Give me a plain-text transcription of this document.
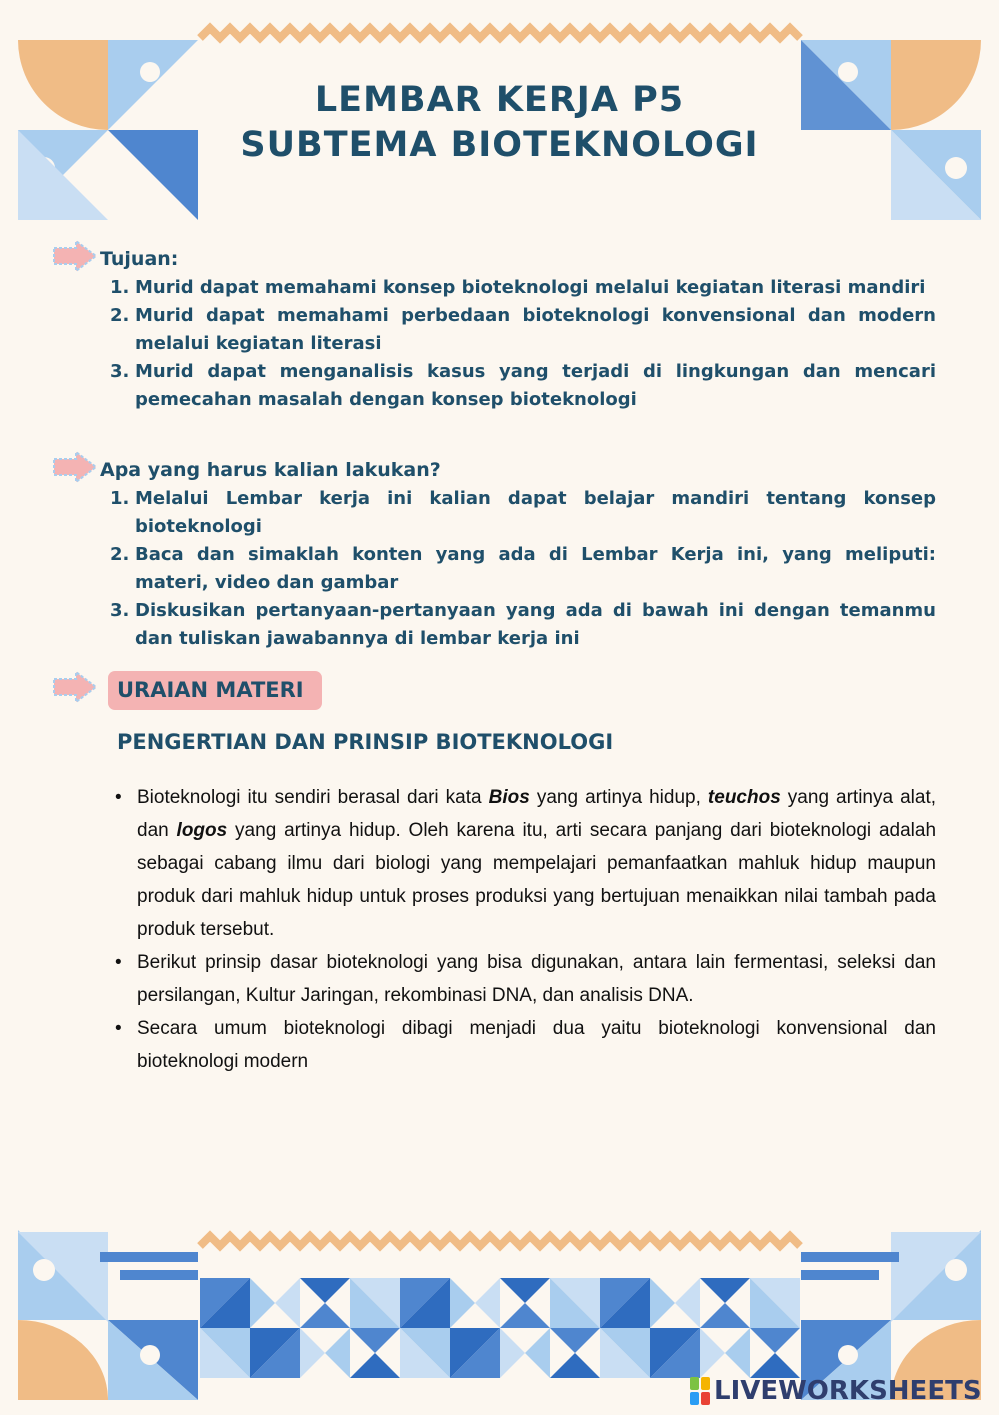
LEMBAR KERJA P5
SUBTEMA BIOTEKNOLOGI
Tujuan:
1. Murid dapat memahami konsep bioteknologi melalui kegiatan literasi mandiri
2. Murid dapat memahami perbedaan bioteknologi konvensional dan modern melalui kegiatan literasi
3. Murid dapat menganalisis kasus yang terjadi di lingkungan dan mencari pemecahan masalah dengan konsep bioteknologi
Apa yang harus kalian lakukan?
1. Melalui Lembar kerja ini kalian dapat belajar mandiri tentang konsep bioteknologi
2. Baca dan simaklah konten yang ada di Lembar Kerja ini, yang meliputi: materi, video dan gambar
3. Diskusikan pertanyaan-pertanyaan yang ada di bawah ini dengan temanmu dan tuliskan jawabannya di lembar kerja ini
URAIAN MATERI
PENGERTIAN DAN PRINSIP BIOTEKNOLOGI
• Bioteknologi itu sendiri berasal dari kata Bios yang artinya hidup, teuchos yang artinya alat, dan logos yang artinya hidup. Oleh karena itu, arti secara panjang dari bioteknologi adalah sebagai cabang ilmu dari biologi yang mempelajari pemanfaatkan mahluk hidup maupun produk dari mahluk hidup untuk proses produksi yang bertujuan menaikkan nilai tambah pada produk tersebut.
• Berikut prinsip dasar bioteknologi yang bisa digunakan, antara lain fermentasi, seleksi dan persilangan, Kultur Jaringan, rekombinasi DNA, dan analisis DNA.
• Secara umum bioteknologi dibagi menjadi dua yaitu bioteknologi konvensional dan bioteknologi modern
LIVEWORKSHEETS
